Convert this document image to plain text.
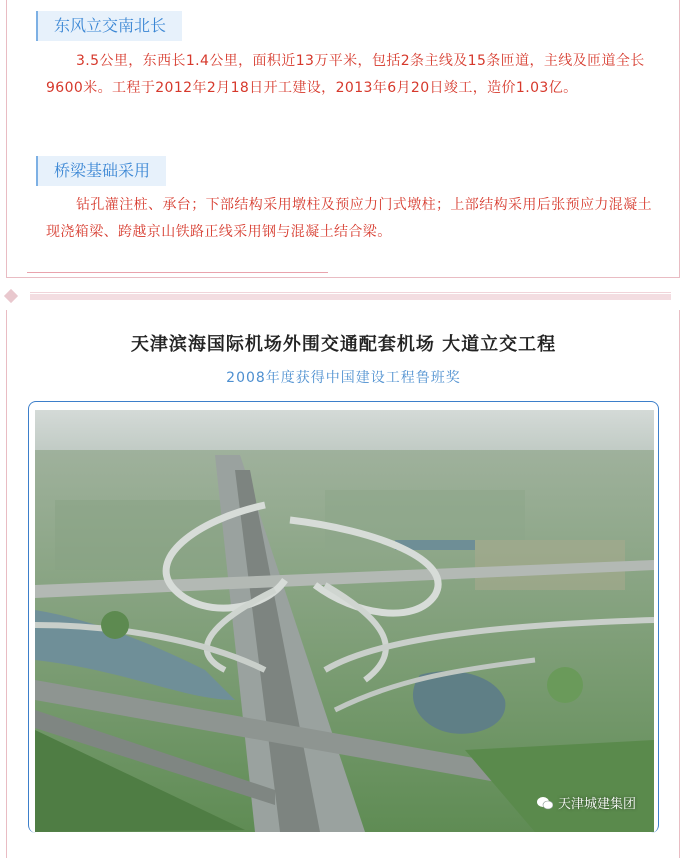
东风立交南北长
3.5公里，东西长1.4公里，面积近13万平米，包括2条主线及15条匝道，主线及匝道全长9600米。工程于2012年2月18日开工建设，2013年6月20日竣工，造价1.03亿。
桥梁基础采用
钻孔灌注桩、承台；下部结构采用墩柱及预应力门式墩柱；上部结构采用后张预应力混凝土现浇箱梁、跨越京山铁路正线采用钢与混凝土结合梁。
天津滨海国际机场外围交通配套机场 大道立交工程
2008年度获得中国建设工程鲁班奖
天津城建集团
